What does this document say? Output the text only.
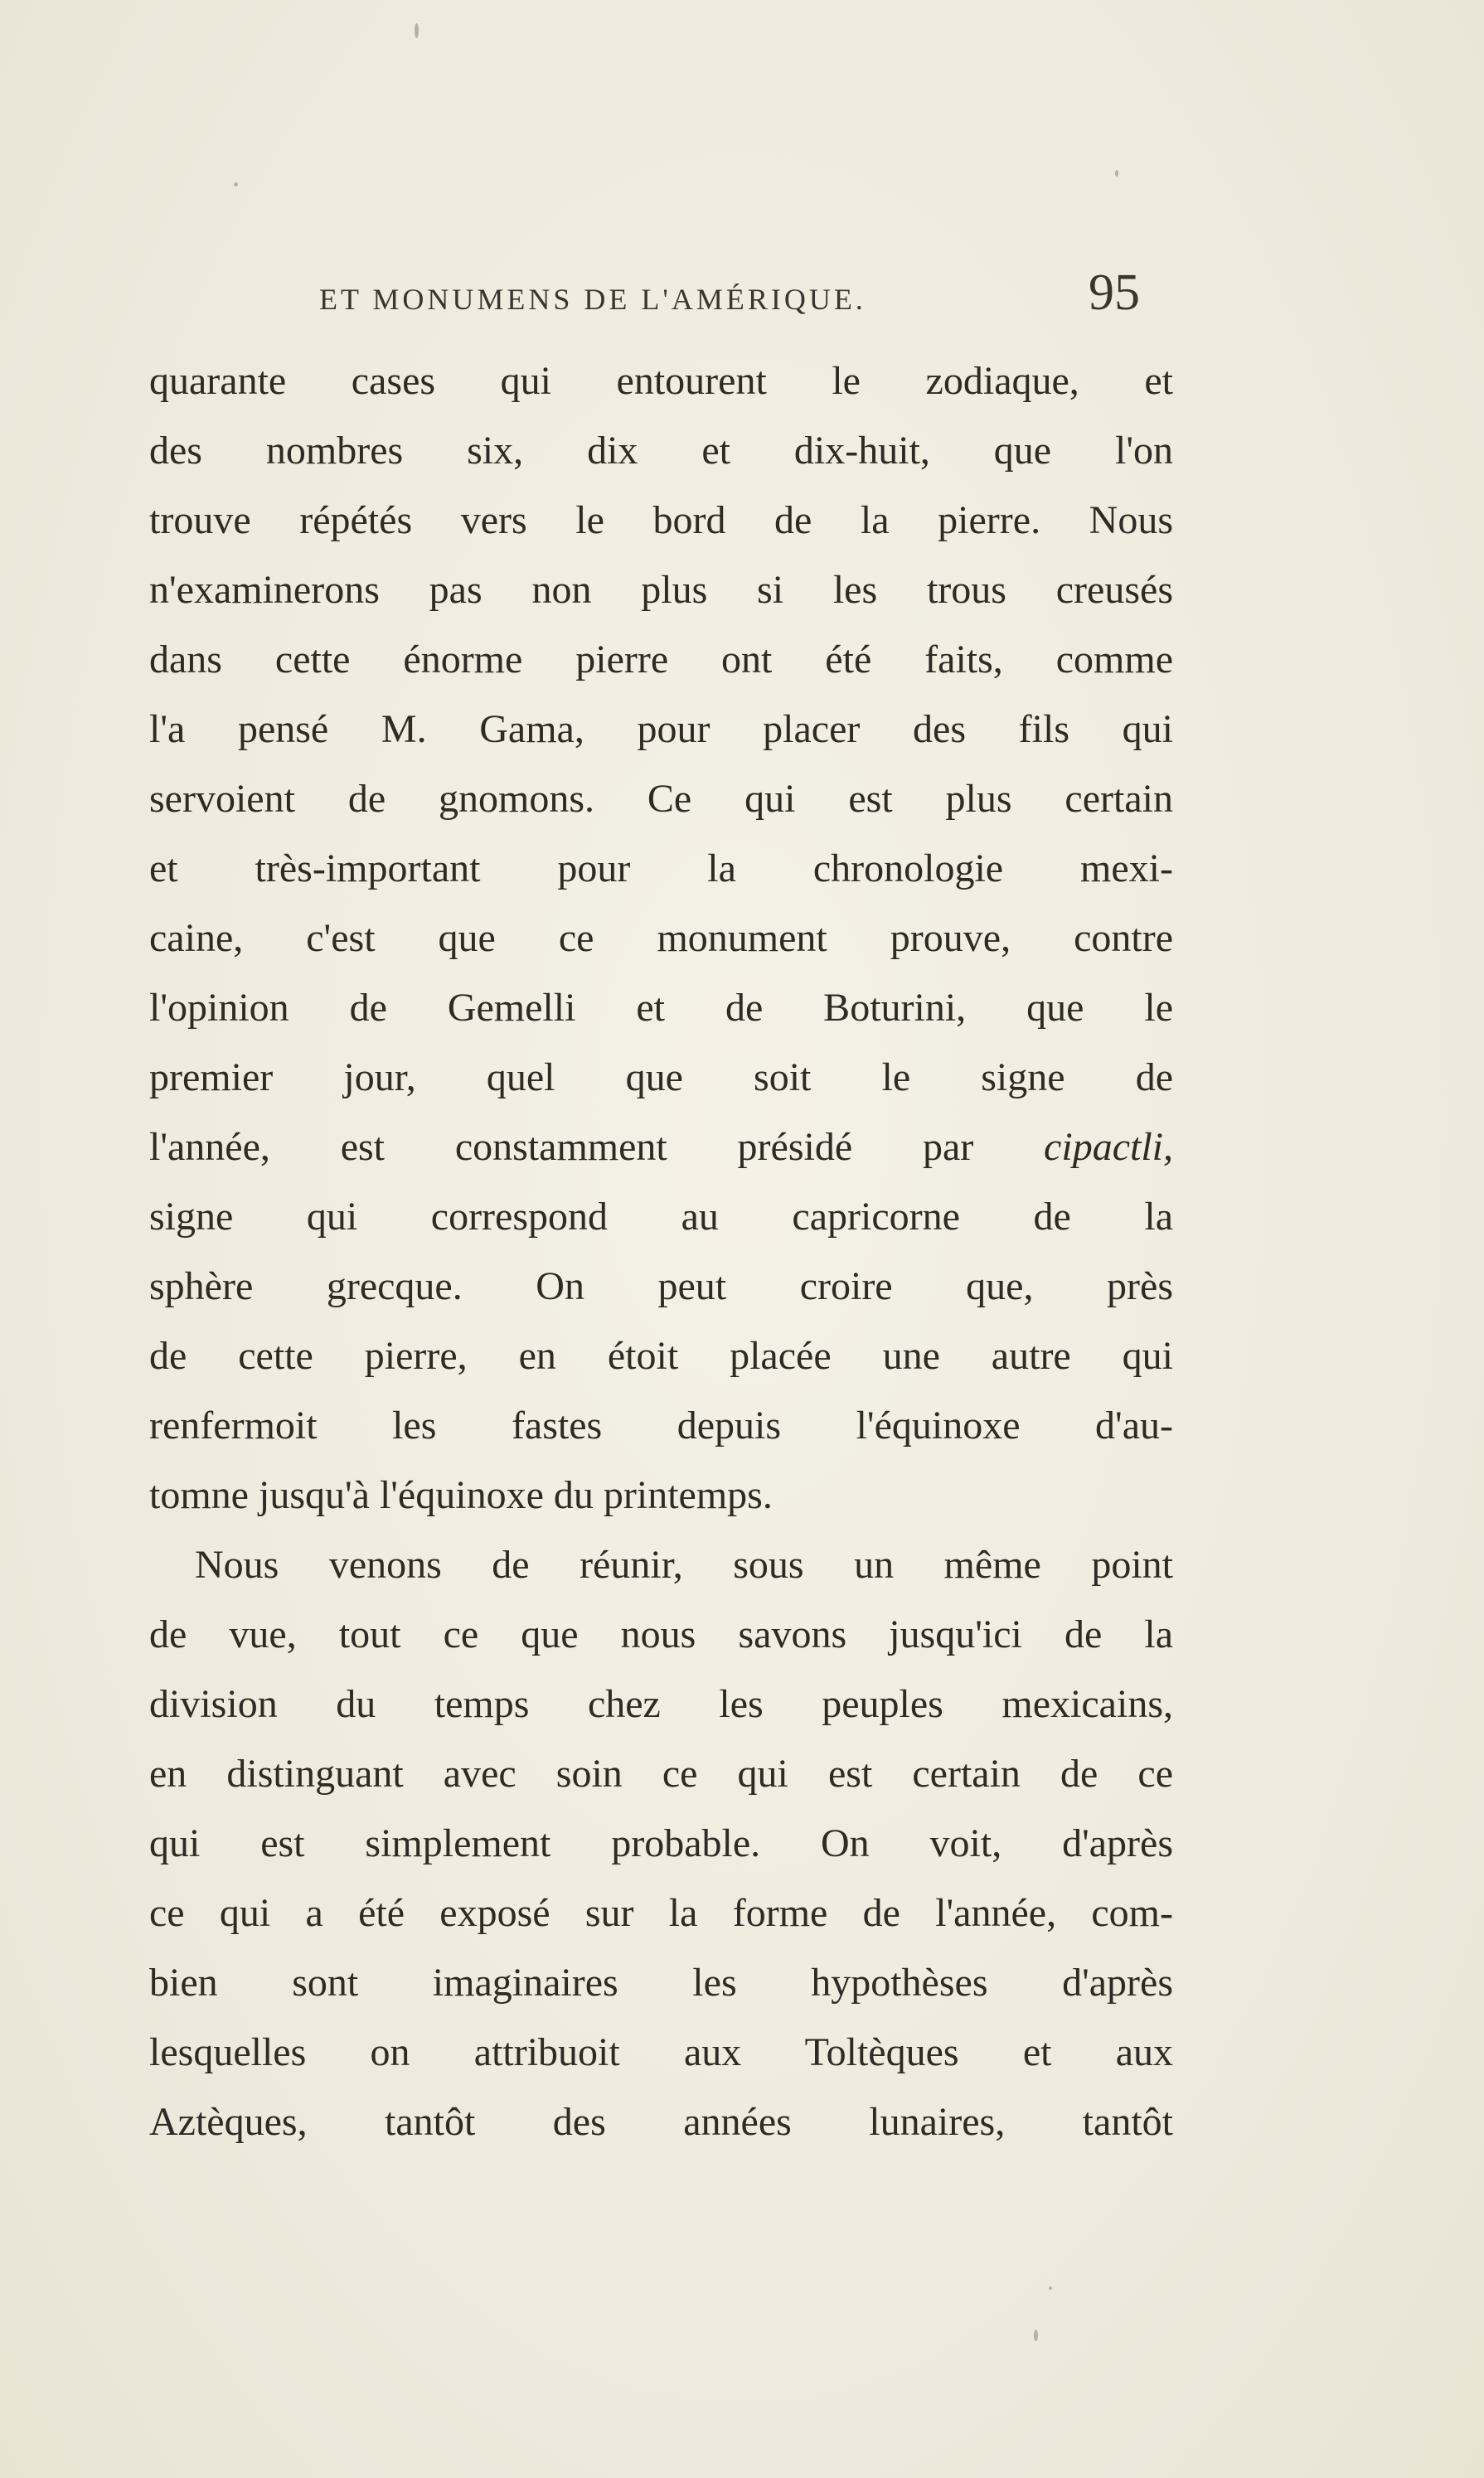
ET MONUMENS DE L'AMÉRIQUE.	95
quarante cases qui entourent le zodiaque, et
des nombres six, dix et dix-huit, que l'on
trouve répétés vers le bord de la pierre. Nous
n'examinerons pas non plus si les trous creusés
dans cette énorme pierre ont été faits, comme
l'a pensé M. Gama, pour placer des fils qui
servoient de gnomons. Ce qui est plus certain
et très-important pour la chronologie mexi-
caine, c'est que ce monument prouve, contre
l'opinion de Gemelli et de Boturini, que le
premier jour, quel que soit le signe de
l'année, est constamment présidé par cipactli,
signe qui correspond au capricorne de la
sphère grecque. On peut croire que, près
de cette pierre, en étoit placée une autre qui
renfermoit les fastes depuis l'équinoxe d'au-
tomne jusqu'à l'équinoxe du printemps.
Nous venons de réunir, sous un même point
de vue, tout ce que nous savons jusqu'ici de la
division du temps chez les peuples mexicains,
en distinguant avec soin ce qui est certain de ce
qui est simplement probable. On voit, d'après
ce qui a été exposé sur la forme de l'année, com-
bien sont imaginaires les hypothèses d'après
lesquelles on attribuoit aux Toltèques et aux
Aztèques, tantôt des années lunaires, tantôt
